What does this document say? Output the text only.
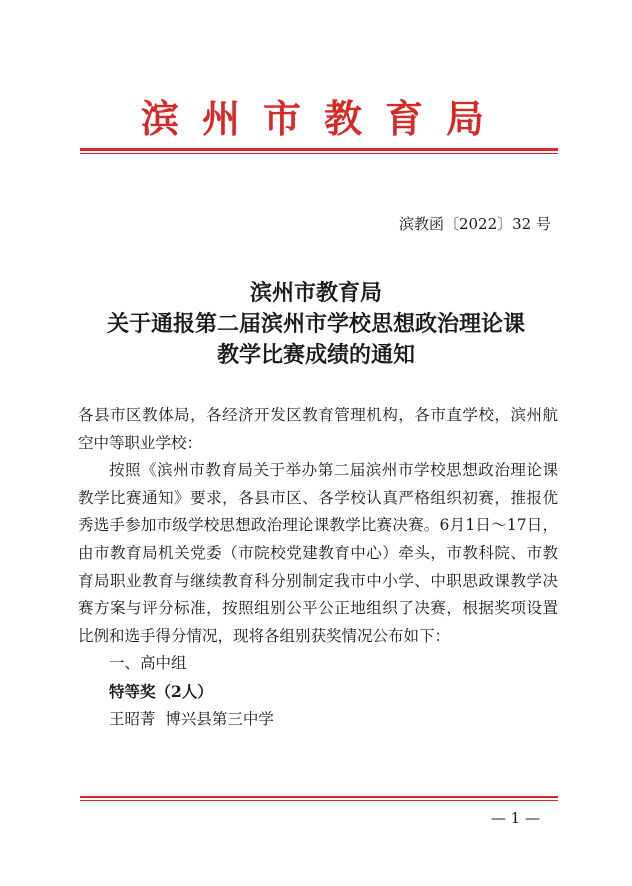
滨州市教育局
滨教函〔2022〕32 号
滨州市教育局
关于通报第二届滨州市学校思想政治理论课
教学比赛成绩的通知

各县市区教体局，各经济开发区教育管理机构，各市直学校，滨州航空中等职业学校：

按照《滨州市教育局关于举办第二届滨州市学校思想政治理论课教学比赛通知》要求，各县市区、各学校认真严格组织初赛，推报优秀选手参加市级学校思想政治理论课教学比赛决赛。6月1日～17日，由市教育局机关党委（市院校党建教育中心）牵头，市教科院、市教育局职业教育与继续教育科分别制定我市中小学、中职思政课教学决赛方案与评分标准，按照组别公平公正地组织了决赛，根据奖项设置比例和选手得分情况，现将各组别获奖情况公布如下：

一、高中组

特等奖（2人）

王昭菁 博兴县第三中学

— 1 —
